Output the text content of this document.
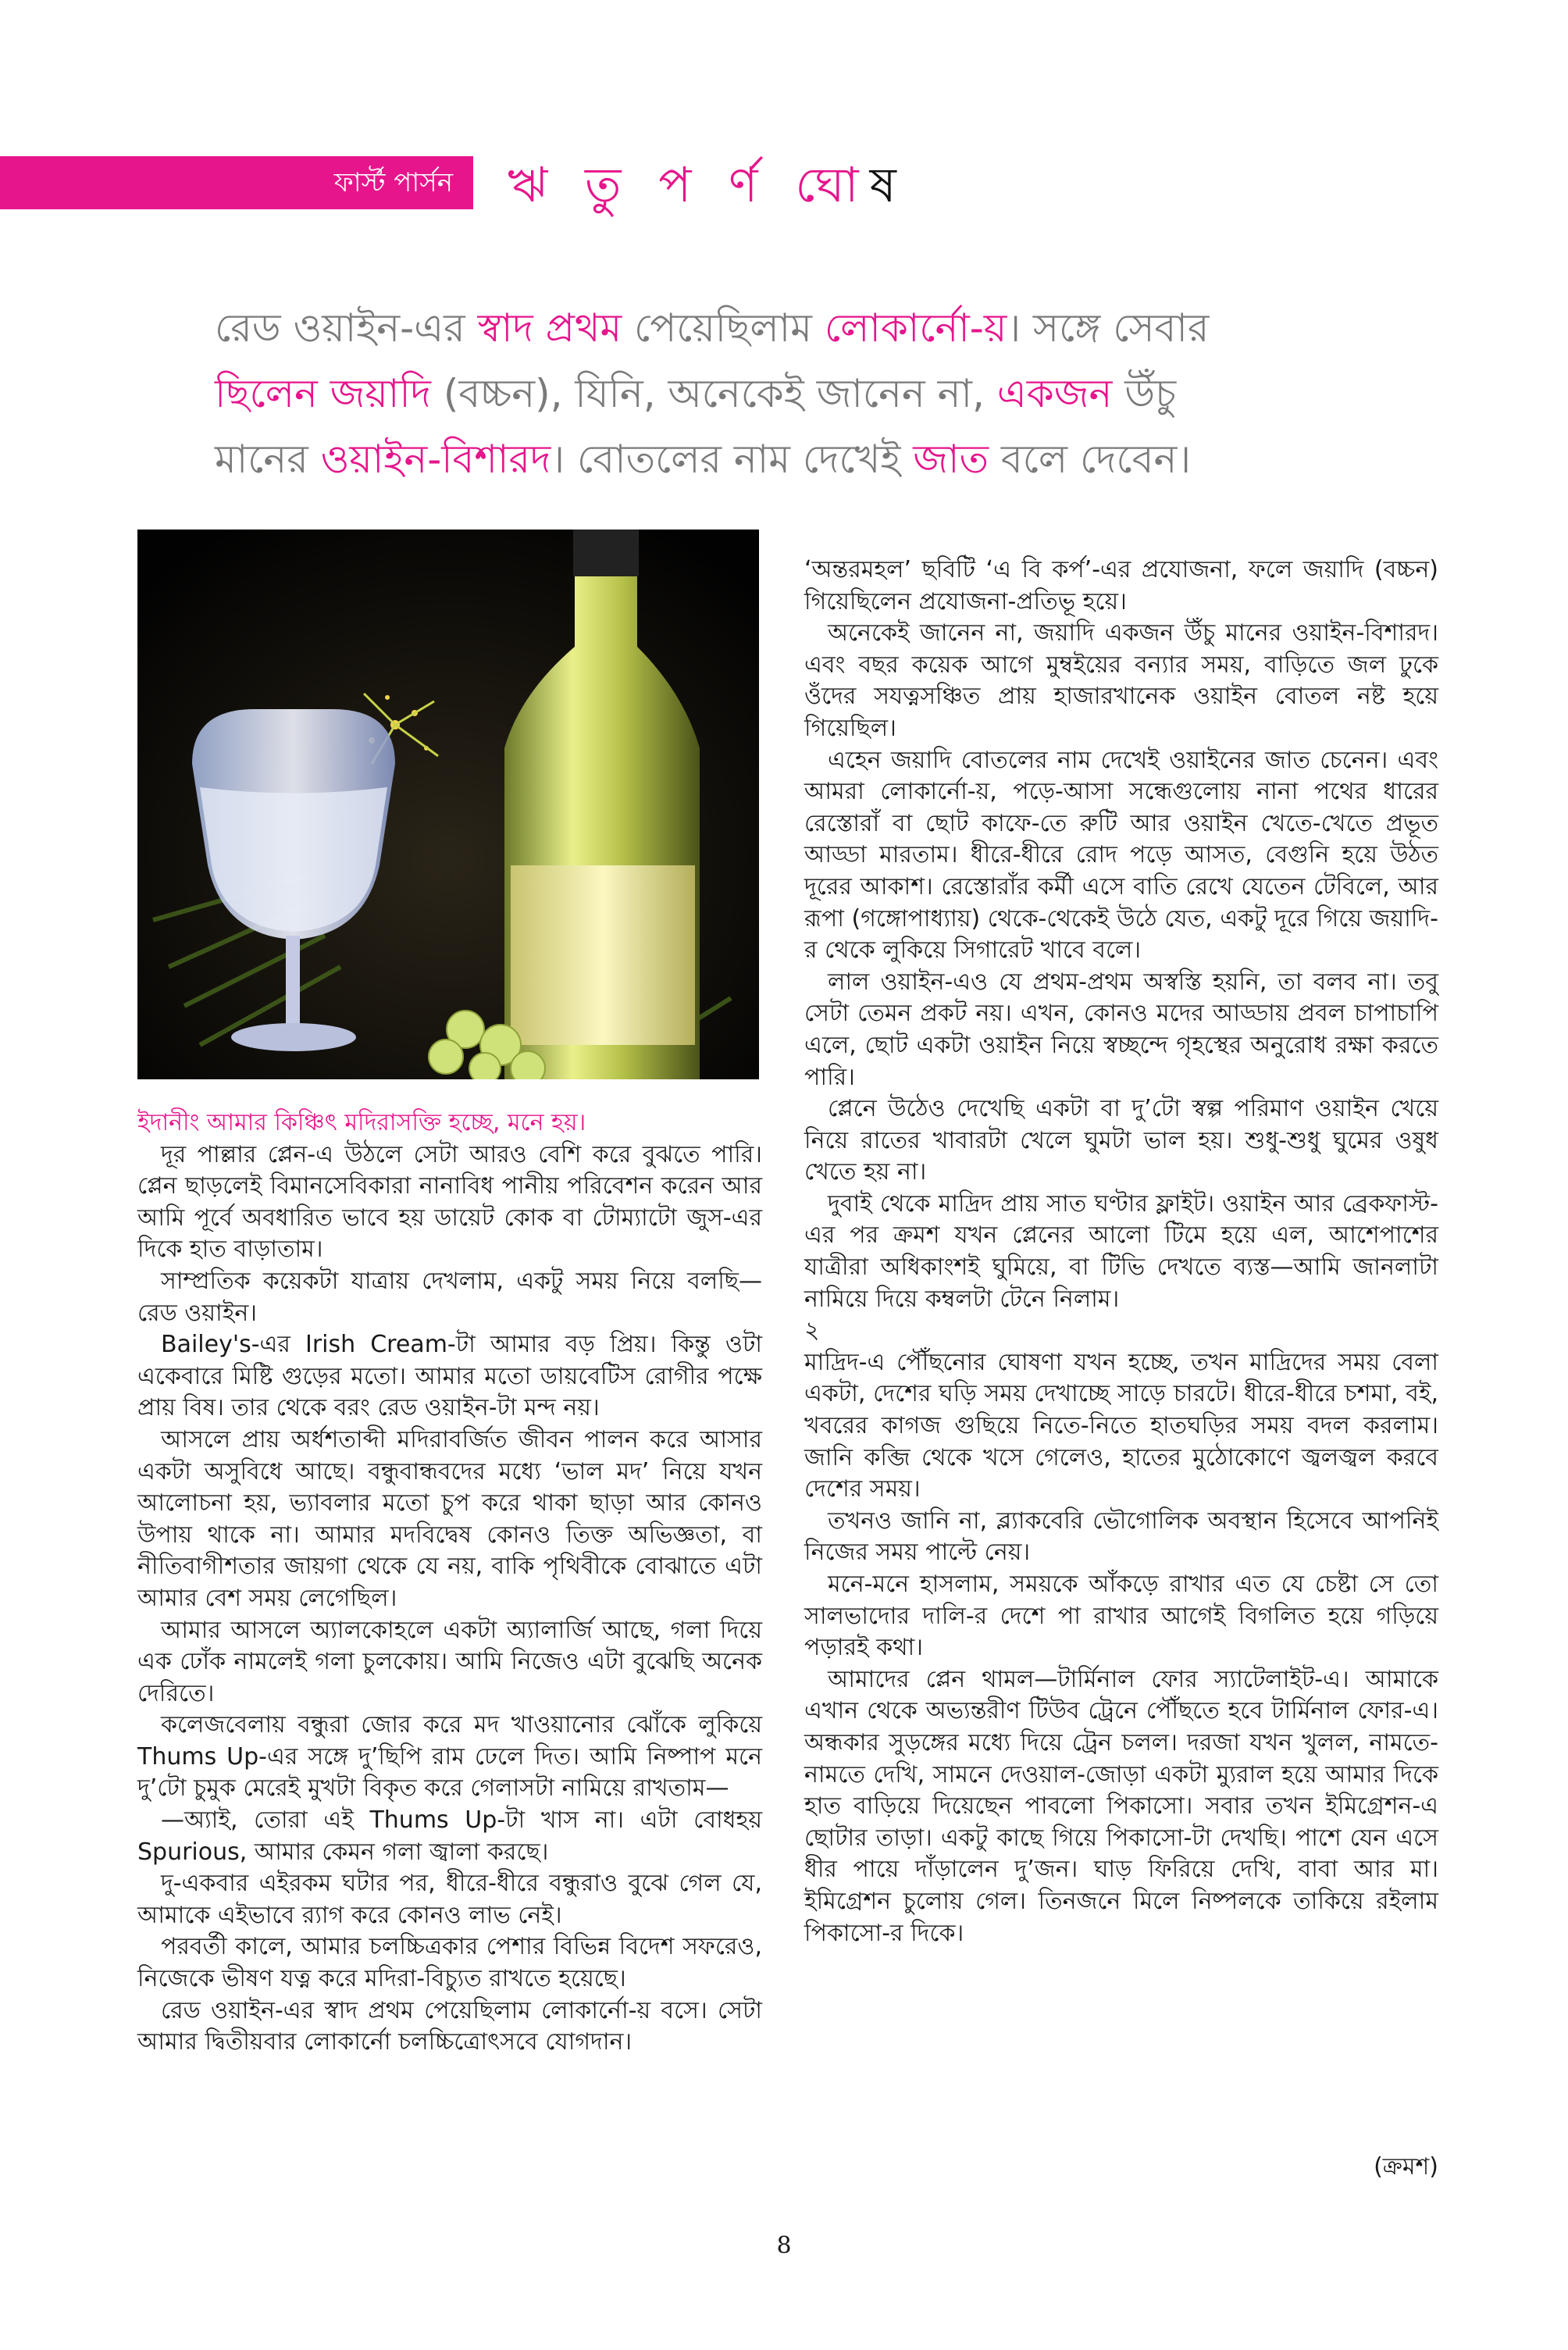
ফার্স্ট পার্সন	ঋ তু প র্ণ ঘোষ
রেড ওয়াইন-এর স্বাদ প্রথম পেয়েছিলাম লোকার্নো-য়। সঙ্গে সেবার
ছিলেন জয়াদি (বচ্চন), যিনি, অনেকেই জানেন না, একজন উঁচু
মানের ওয়াইন-বিশারদ। বোতলের নাম দেখেই জাত বলে দেবেন।

ইদানীং আমার কিঞ্চিৎ মদিরাসক্তি হচ্ছে, মনে হয়।

দূর পাল্লার প্লেন-এ উঠলে সেটা আরও বেশি করে বুঝতে পারি। প্লেন ছাড়লেই বিমানসেবিকারা নানাবিধ পানীয় পরিবেশন করেন আর আমি পূর্বে অবধারিত ভাবে হয় ডায়েট কোক বা টোম্যাটো জুস-এর দিকে হাত বাড়াতাম।

সাম্প্রতিক কয়েকটা যাত্রায় দেখলাম, একটু সময় নিয়ে বলছি—রেড ওয়াইন।

Bailey's-এর Irish Cream-টা আমার বড় প্রিয়। কিন্তু ওটা একেবারে মিষ্টি গুড়ের মতো। আমার মতো ডায়বেটিস রোগীর পক্ষে প্রায় বিষ। তার থেকে বরং রেড ওয়াইন-টা মন্দ নয়।

আসলে প্রায় অর্ধশতাব্দী মদিরাবর্জিত জীবন পালন করে আসার একটা অসুবিধে আছে। বন্ধুবান্ধবদের মধ্যে ‘ভাল মদ’ নিয়ে যখন আলোচনা হয়, ভ্যাবলার মতো চুপ করে থাকা ছাড়া আর কোনও উপায় থাকে না। আমার মদবিদ্বেষ কোনও তিক্ত অভিজ্ঞতা, বা নীতিবাগীশতার জায়গা থেকে যে নয়, বাকি পৃথিবীকে বোঝাতে এটা আমার বেশ সময় লেগেছিল।

আমার আসলে অ্যালকোহলে একটা অ্যালার্জি আছে, গলা দিয়ে এক ঢোঁক নামলেই গলা চুলকোয়। আমি নিজেও এটা বুঝেছি অনেক দেরিতে।

কলেজবেলায় বন্ধুরা জোর করে মদ খাওয়ানোর ঝোঁকে লুকিয়ে Thums Up-এর সঙ্গে দু’ছিপি রাম ঢেলে দিত। আমি নিষ্পাপ মনে দু’টো চুমুক মেরেই মুখটা বিকৃত করে গেলাসটা নামিয়ে রাখতাম—

—অ্যাই, তোরা এই Thums Up-টা খাস না। এটা বোধহয় Spurious, আমার কেমন গলা জ্বালা করছে।

দু-একবার এইরকম ঘটার পর, ধীরে-ধীরে বন্ধুরাও বুঝে গেল যে, আমাকে এইভাবে র‍্যাগ করে কোনও লাভ নেই।

পরবর্তী কালে, আমার চলচ্চিত্রকার পেশার বিভিন্ন বিদেশ সফরেও, নিজেকে ভীষণ যত্ন করে মদিরা-বিচ্যুত রাখতে হয়েছে।

রেড ওয়াইন-এর স্বাদ প্রথম পেয়েছিলাম লোকার্নো-য় বসে। সেটা আমার দ্বিতীয়বার লোকার্নো চলচ্চিত্রোৎসবে যোগদান।

‘অন্তরমহল’ ছবিটি ‘এ বি কর্প’-এর প্রযোজনা, ফলে জয়াদি (বচ্চন) গিয়েছিলেন প্রযোজনা-প্রতিভূ হয়ে।

অনেকেই জানেন না, জয়াদি একজন উঁচু মানের ওয়াইন-বিশারদ। এবং বছর কয়েক আগে মুম্বইয়ের বন্যার সময়, বাড়িতে জল ঢুকে ওঁদের সযত্নসঞ্চিত প্রায় হাজারখানেক ওয়াইন বোতল নষ্ট হয়ে গিয়েছিল।

এহেন জয়াদি বোতলের নাম দেখেই ওয়াইনের জাত চেনেন। এবং আমরা লোকার্নো-য়, পড়ে-আসা সন্ধেগুলোয় নানা পথের ধারের রেস্তোরাঁ বা ছোট কাফে-তে রুটি আর ওয়াইন খেতে-খেতে প্রভূত আড্ডা মারতাম। ধীরে-ধীরে রোদ পড়ে আসত, বেগুনি হয়ে উঠত দূরের আকাশ। রেস্তোরাঁর কর্মী এসে বাতি রেখে যেতেন টেবিলে, আর রূপা (গঙ্গোপাধ্যায়) থেকে-থেকেই উঠে যেত, একটু দূরে গিয়ে জয়াদি-র থেকে লুকিয়ে সিগারেট খাবে বলে।

লাল ওয়াইন-এও যে প্রথম-প্রথম অস্বস্তি হয়নি, তা বলব না। তবু সেটা তেমন প্রকট নয়। এখন, কোনও মদের আড্ডায় প্রবল চাপাচাপি এলে, ছোট একটা ওয়াইন নিয়ে স্বচ্ছন্দে গৃহস্থের অনুরোধ রক্ষা করতে পারি।

প্লেনে উঠেও দেখেছি একটা বা দু’টো স্বল্প পরিমাণ ওয়াইন খেয়ে নিয়ে রাতের খাবারটা খেলে ঘুমটা ভাল হয়। শুধু-শুধু ঘুমের ওষুধ খেতে হয় না।

দুবাই থেকে মাদ্রিদ প্রায় সাত ঘণ্টার ফ্লাইট। ওয়াইন আর ব্রেকফাস্ট-এর পর ক্রমশ যখন প্লেনের আলো টিমে হয়ে এল, আশেপাশের যাত্রীরা অধিকাংশই ঘুমিয়ে, বা টিভি দেখতে ব্যস্ত—আমি জানলাটা নামিয়ে দিয়ে কম্বলটা টেনে নিলাম।

২

মাদ্রিদ-এ পৌঁছনোর ঘোষণা যখন হচ্ছে, তখন মাদ্রিদের সময় বেলা একটা, দেশের ঘড়ি সময় দেখাচ্ছে সাড়ে চারটে। ধীরে-ধীরে চশমা, বই, খবরের কাগজ গুছিয়ে নিতে-নিতে হাতঘড়ির সময় বদল করলাম। জানি কব্জি থেকে খসে গেলেও, হাতের মুঠোকোণে জ্বলজ্বল করবে দেশের সময়।

তখনও জানি না, ব্ল্যাকবেরি ভৌগোলিক অবস্থান হিসেবে আপনিই নিজের সময় পাল্টে নেয়।

মনে-মনে হাসলাম, সময়কে আঁকড়ে রাখার এত যে চেষ্টা সে তো সালভাদোর দালি-র দেশে পা রাখার আগেই বিগলিত হয়ে গড়িয়ে পড়ারই কথা।

আমাদের প্লেন থামল—টার্মিনাল ফোর স্যাটেলাইট-এ। আমাকে এখান থেকে অভ্যন্তরীণ টিউব ট্রেনে পৌঁছতে হবে টার্মিনাল ফোর-এ। অন্ধকার সুড়ঙ্গের মধ্যে দিয়ে ট্রেন চলল। দরজা যখন খুলল, নামতে-নামতে দেখি, সামনে দেওয়াল-জোড়া একটা ম্যুরাল হয়ে আমার দিকে হাত বাড়িয়ে দিয়েছেন পাবলো পিকাসো। সবার তখন ইমিগ্রেশন-এ ছোটার তাড়া। একটু কাছে গিয়ে পিকাসো-টা দেখছি। পাশে যেন এসে ধীর পায়ে দাঁড়ালেন দু’জন। ঘাড় ফিরিয়ে দেখি, বাবা আর মা। ইমিগ্রেশন চুলোয় গেল। তিনজনে মিলে নিষ্পলকে তাকিয়ে রইলাম পিকাসো-র দিকে।

(ক্রমশ)
8
